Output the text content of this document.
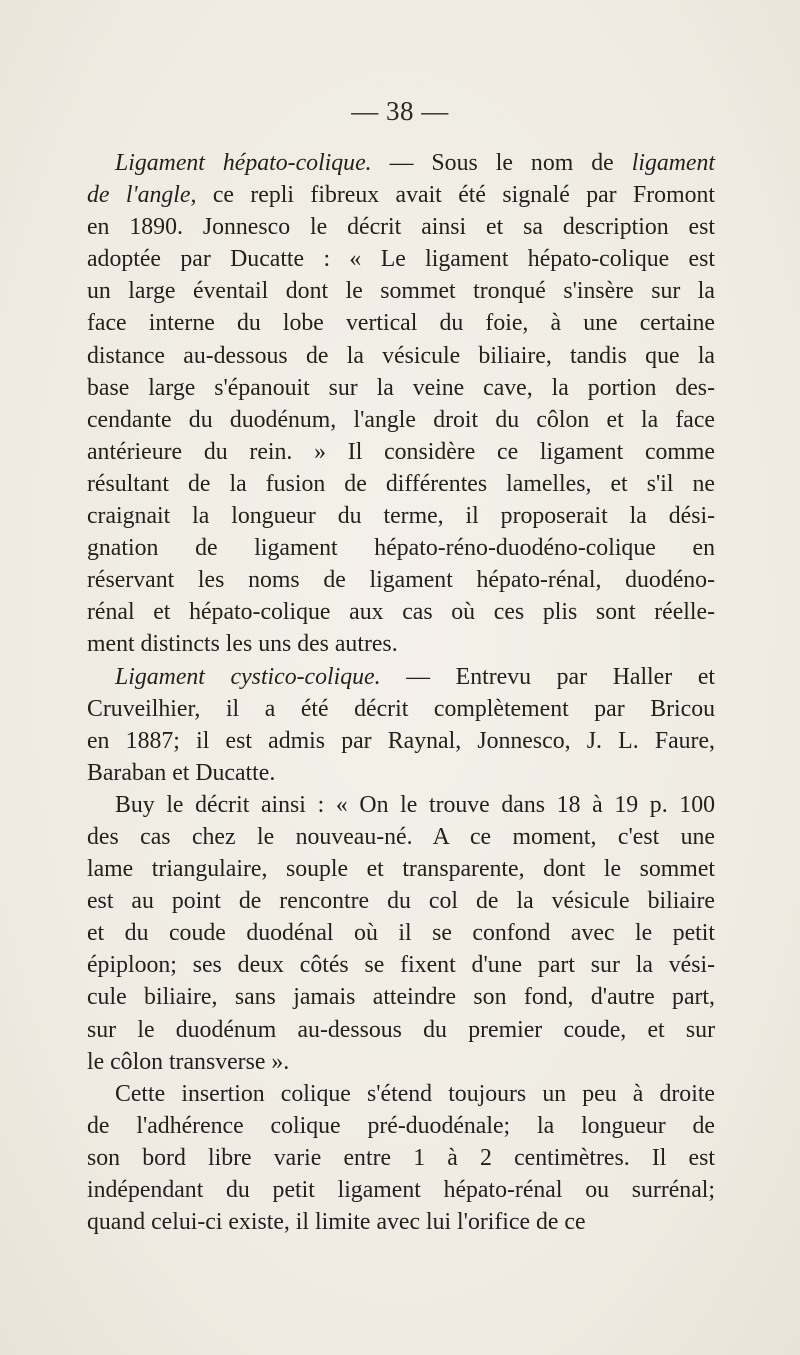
— 38 —
Ligament hépato-colique. — Sous le nom de ligament
de l'angle, ce repli fibreux avait été signalé par Fromont
en 1890. Jonnesco le décrit ainsi et sa description est
adoptée par Ducatte : « Le ligament hépato-colique est
un large éventail dont le sommet tronqué s'insère sur la
face interne du lobe vertical du foie, à une certaine
distance au-dessous de la vésicule biliaire, tandis que la
base large s'épanouit sur la veine cave, la portion des-
cendante du duodénum, l'angle droit du côlon et la face
antérieure du rein. » Il considère ce ligament comme
résultant de la fusion de différentes lamelles, et s'il ne
craignait la longueur du terme, il proposerait la dési-
gnation de ligament hépato-réno-duodéno-colique en
réservant les noms de ligament hépato-rénal, duodéno-
rénal et hépato-colique aux cas où ces plis sont réelle-
ment distincts les uns des autres.
Ligament cystico-colique. — Entrevu par Haller et
Cruveilhier, il a été décrit complètement par Bricou
en 1887; il est admis par Raynal, Jonnesco, J. L. Faure,
Baraban et Ducatte.
Buy le décrit ainsi : « On le trouve dans 18 à 19 p. 100
des cas chez le nouveau-né. A ce moment, c'est une
lame triangulaire, souple et transparente, dont le sommet
est au point de rencontre du col de la vésicule biliaire
et du coude duodénal où il se confond avec le petit
épiploon; ses deux côtés se fixent d'une part sur la vési-
cule biliaire, sans jamais atteindre son fond, d'autre part,
sur le duodénum au-dessous du premier coude, et sur
le côlon transverse ».
Cette insertion colique s'étend toujours un peu à droite
de l'adhérence colique pré-duodénale; la longueur de
son bord libre varie entre 1 à 2 centimètres. Il est
indépendant du petit ligament hépato-rénal ou surrénal;
quand celui-ci existe, il limite avec lui l'orifice de ce
